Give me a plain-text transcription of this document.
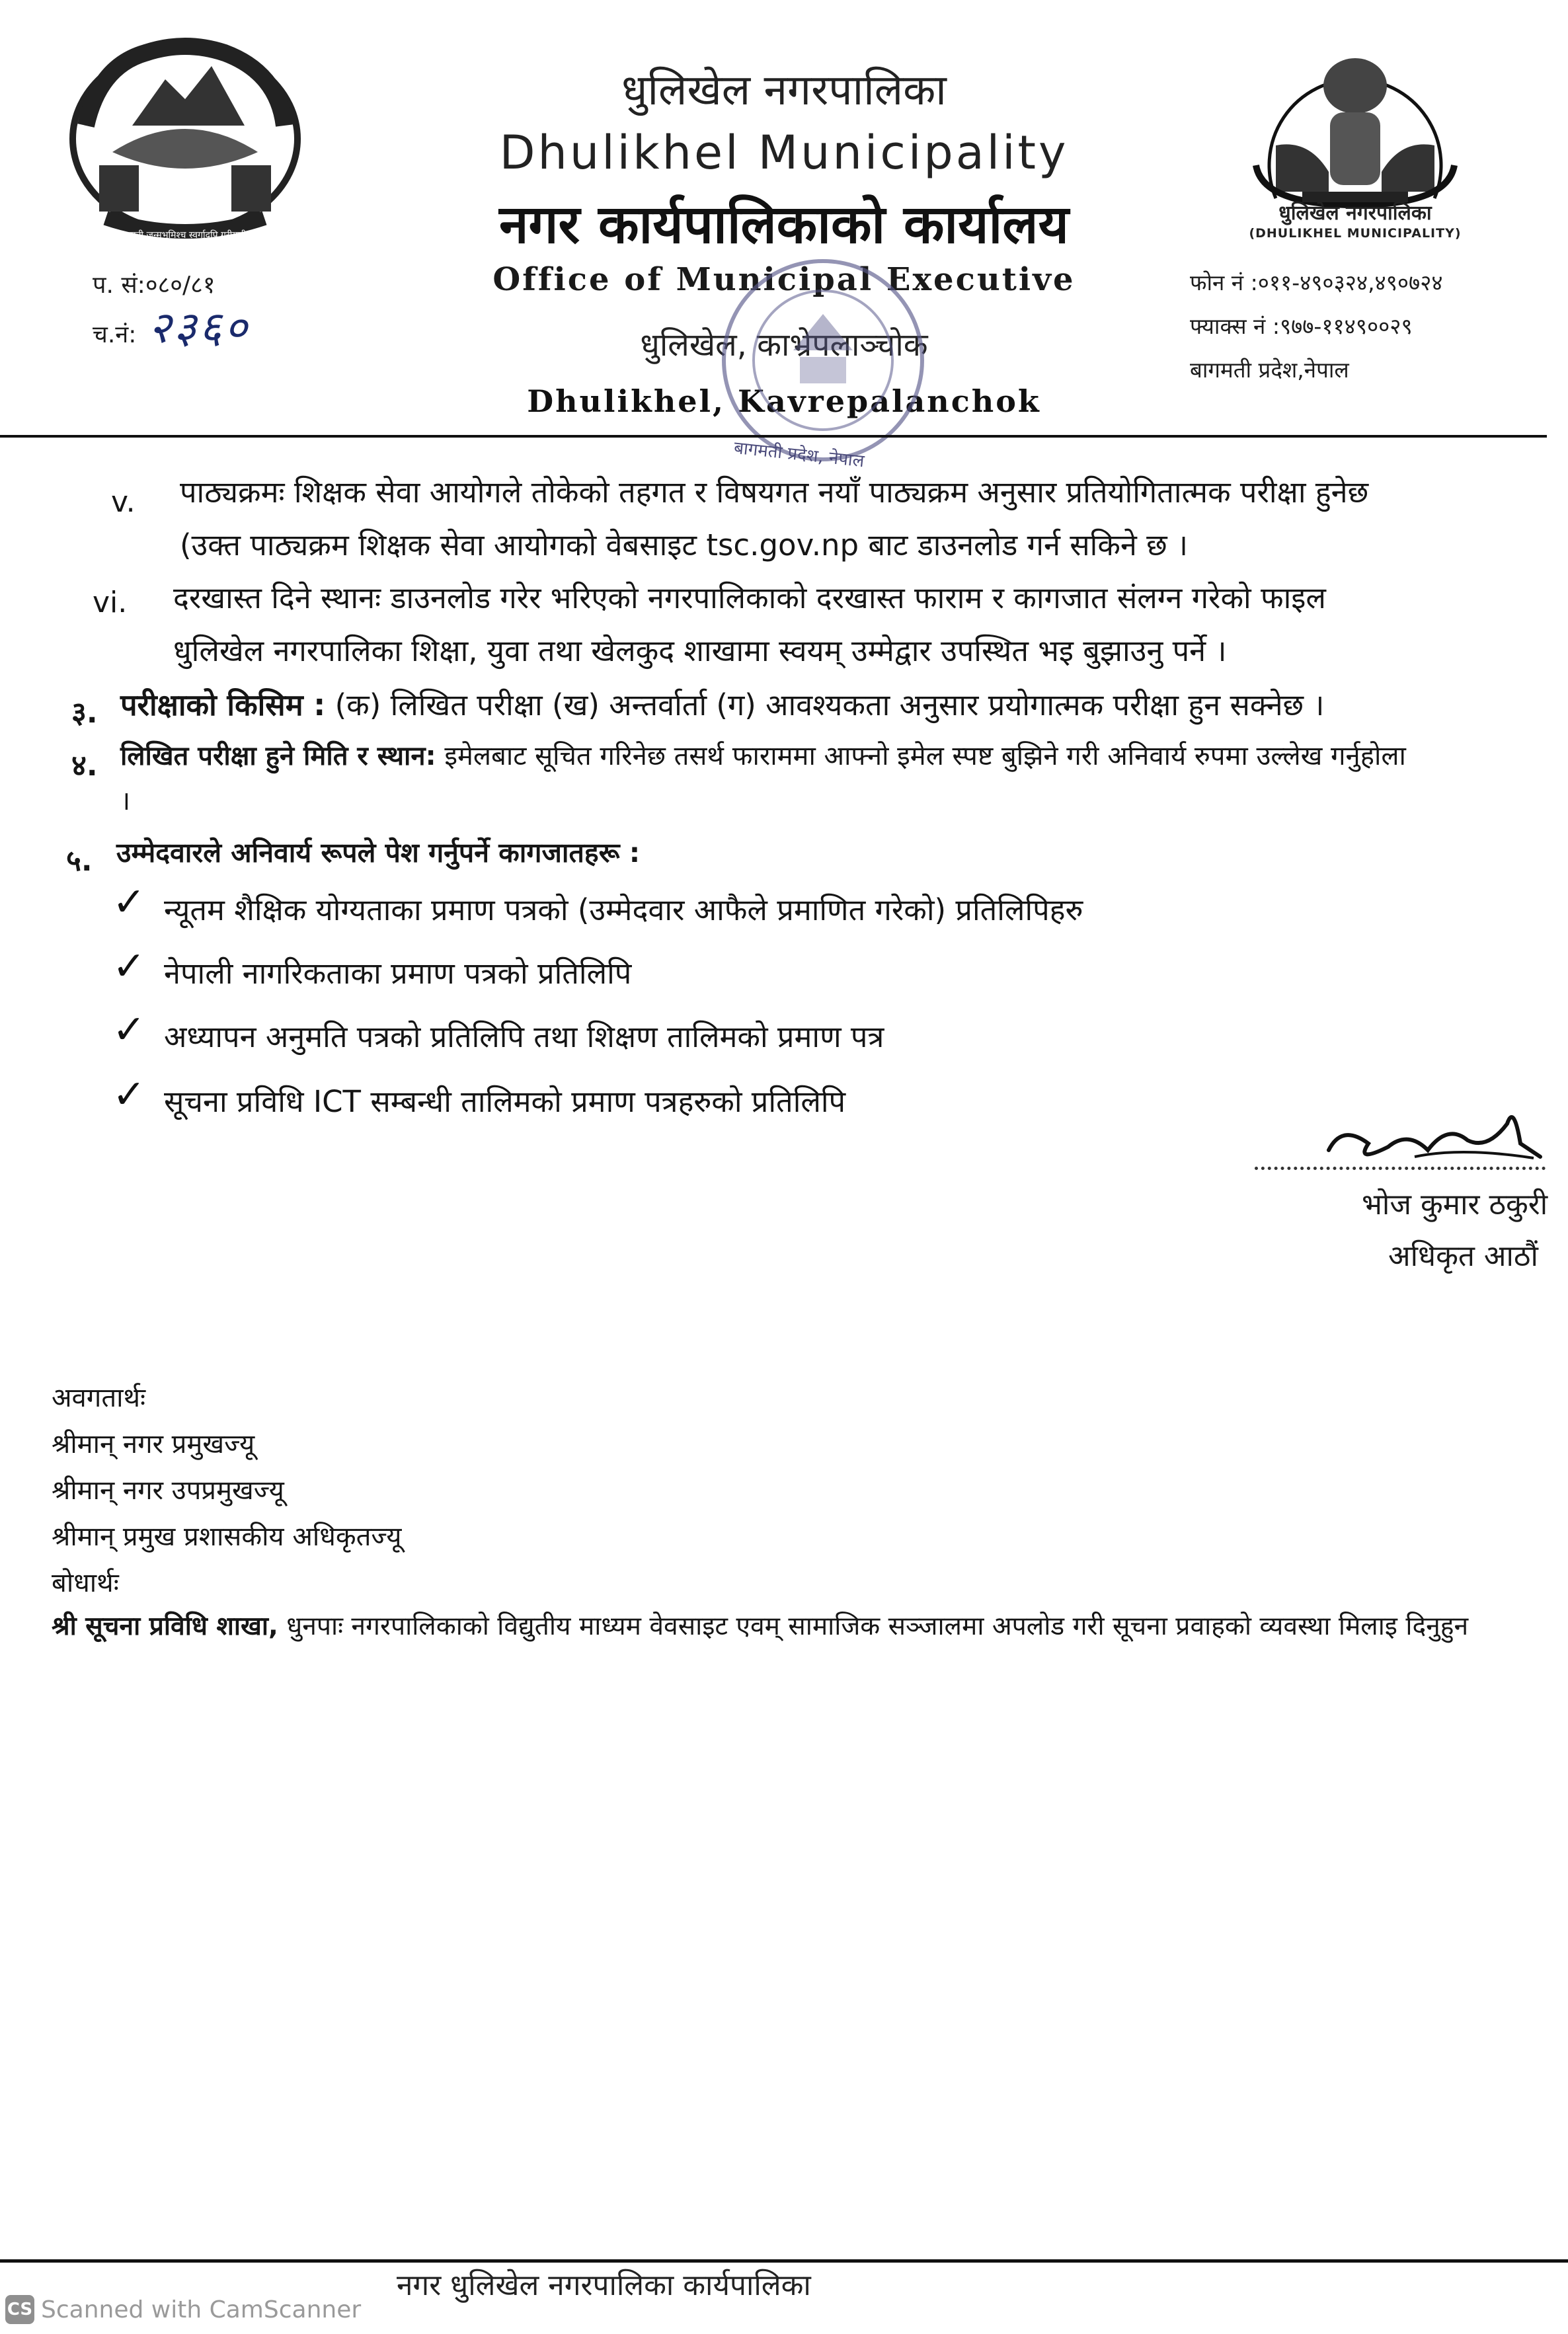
जननी जन्मभूमिश्च स्वर्गादपि गरीयसी
धुलिखेल नगरपालिका
(DHULIKHEL MUNICIPALITY)
धुलिखेल नगरपालिका
Dhulikhel Municipality
नगर कार्यपालिकाको कार्यालय
Office of Municipal Executive
धुलिखेल, काभ्रेपलाञ्चोक
Dhulikhel, Kavrepalanchok
बागमती प्रदेश, नेपाल
प. सं:०८०/८१
च.नं: २३६०
फोन नं :०११-४९०३२४,४९०७२४
फ्याक्स नं :९७७-११४९००२९
बागमती प्रदेश,नेपाल
v. पाठ्यक्रमः शिक्षक सेवा आयोगले तोकेको तहगत र विषयगत नयाँ पाठ्यक्रम अनुसार प्रतियोगितात्मक परीक्षा हुनेछ
(उक्त पाठ्यक्रम शिक्षक सेवा आयोगको वेबसाइट tsc.gov.np बाट डाउनलोड गर्न सकिने छ ।
vi. दरखास्त दिने स्थानः डाउनलोड गरेर भरिएको नगरपालिकाको दरखास्त फाराम र कागजात संलग्न गरेको फाइल
धुलिखेल नगरपालिका शिक्षा, युवा तथा खेलकुद शाखामा स्वयम् उम्मेद्वार उपस्थित भइ बुझाउनु पर्ने ।
३. परीक्षाको किसिम : (क) लिखित परीक्षा (ख) अन्तर्वार्ता (ग) आवश्यकता अनुसार प्रयोगात्मक परीक्षा हुन सक्नेछ ।
४. लिखित परीक्षा हुने मिति र स्थान: इमेलबाट सूचित गरिनेछ तसर्थ फाराममा आफ्नो इमेल स्पष्ट बुझिने गरी अनिवार्य रुपमा उल्लेख गर्नुहोला
।
५. उम्मेदवारले अनिवार्य रूपले पेश गर्नुपर्ने कागजातहरू :
✓ न्यूतम शैक्षिक योग्यताका प्रमाण पत्रको (उम्मेदवार आफैले प्रमाणित गरेको) प्रतिलिपिहरु
✓ नेपाली नागरिकताका प्रमाण पत्रको प्रतिलिपि
✓ अध्यापन अनुमति पत्रको प्रतिलिपि तथा शिक्षण तालिमको प्रमाण पत्र
✓ सूचना प्रविधि ICT सम्बन्धी तालिमको प्रमाण पत्रहरुको प्रतिलिपि
भोज कुमार ठकुरी
अधिकृत आठौं
अवगतार्थः
श्रीमान् नगर प्रमुखज्यू
श्रीमान् नगर उपप्रमुखज्यू
श्रीमान् प्रमुख प्रशासकीय अधिकृतज्यू
बोधार्थः
श्री सूचना प्रविधि शाखा, धुनपाः नगरपालिकाको विद्युतीय माध्यम वेवसाइट एवम् सामाजिक सञ्जालमा अपलोड गरी सूचना प्रवाहको व्यवस्था मिलाइ दिनुहुन
नगर धुलिखेल नगरपालिका कार्यपालिका
CS Scanned with CamScanner
